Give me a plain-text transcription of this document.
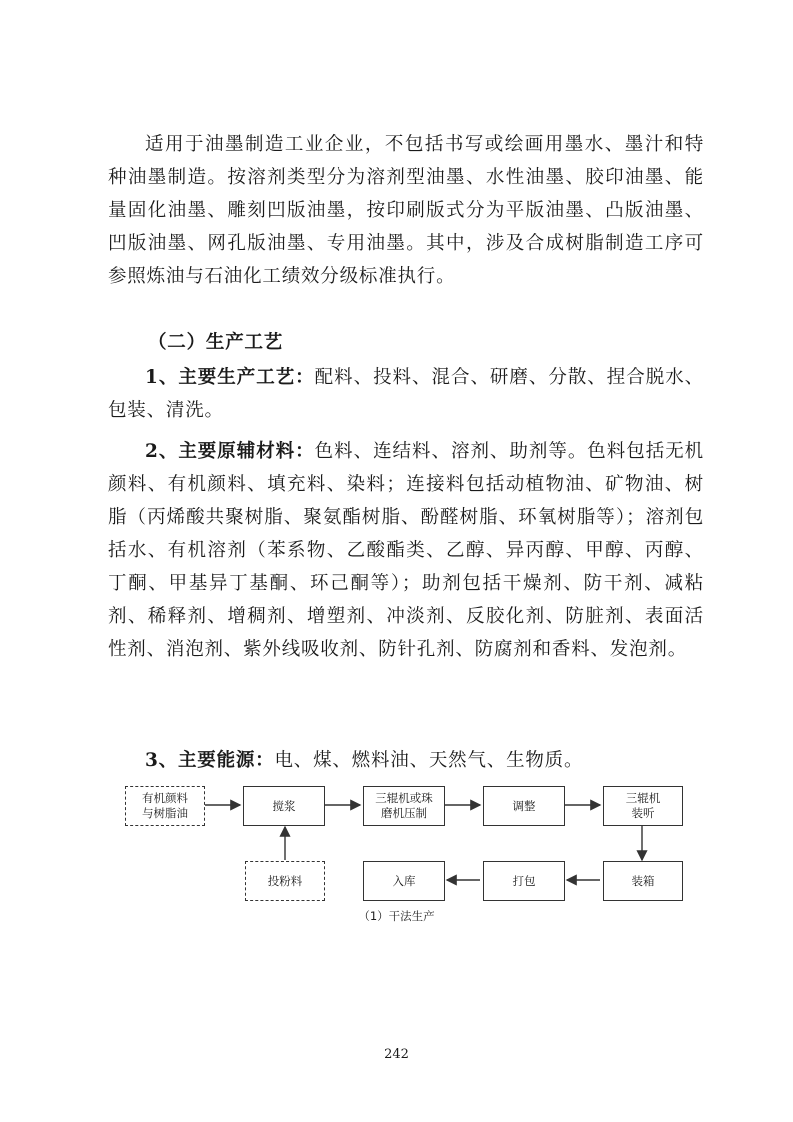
适用于油墨制造工业企业，不包括书写或绘画用墨水、墨汁和特种油墨制造。按溶剂类型分为溶剂型油墨、水性油墨、胶印油墨、能量固化油墨、雕刻凹版油墨，按印刷版式分为平版油墨、凸版油墨、凹版油墨、网孔版油墨、专用油墨。其中，涉及合成树脂制造工序可参照炼油与石油化工绩效分级标准执行。

（二）生产工艺

1、主要生产工艺：配料、投料、混合、研磨、分散、捏合脱水、包装、清洗。

2、主要原辅材料：色料、连结料、溶剂、助剂等。色料包括无机颜料、有机颜料、填充料、染料；连接料包括动植物油、矿物油、树脂（丙烯酸共聚树脂、聚氨酯树脂、酚醛树脂、环氧树脂等）；溶剂包括水、有机溶剂（苯系物、乙酸酯类、乙醇、异丙醇、甲醇、丙醇、丁酮、甲基异丁基酮、环己酮等）；助剂包括干燥剂、防干剂、减粘剂、稀释剂、增稠剂、增塑剂、冲淡剂、反胶化剂、防脏剂、表面活性剂、消泡剂、紫外线吸收剂、防针孔剂、防腐剂和香料、发泡剂。

3、主要能源：电、煤、燃料油、天然气、生物质。

有机颜料
与树脂油
搅浆
三辊机或珠
磨机压制
调整
三辊机
装听
投粉料	入库	打包	装箱
（1）干法生产
242
